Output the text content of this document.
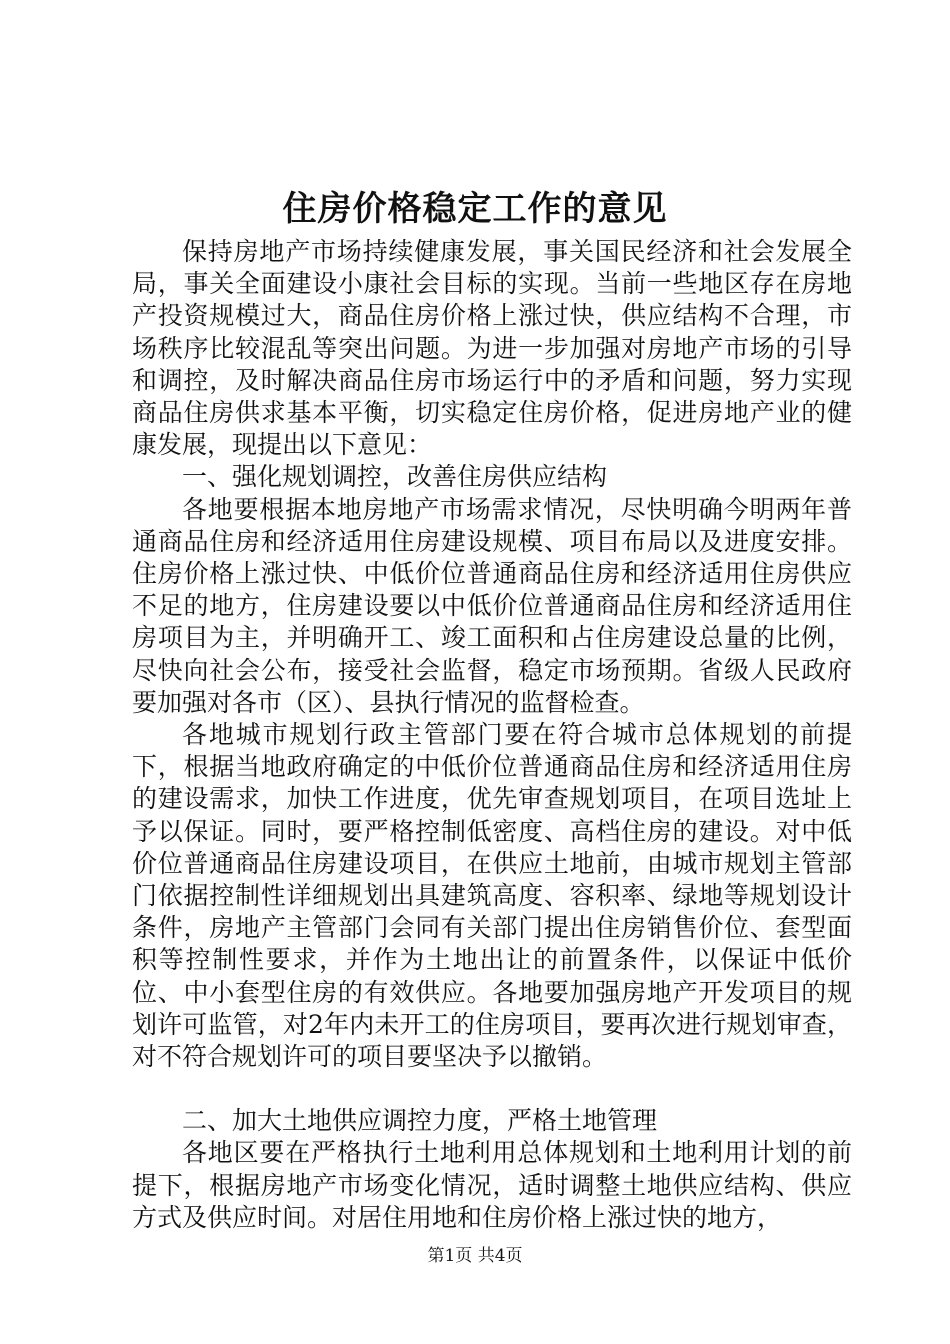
住房价格稳定工作的意见

保持房地产市场持续健康发展，事关国民经济和社会发展全局，事关全面建设小康社会目标的实现。当前一些地区存在房地产投资规模过大，商品住房价格上涨过快，供应结构不合理，市场秩序比较混乱等突出问题。为进一步加强对房地产市场的引导和调控，及时解决商品住房市场运行中的矛盾和问题，努力实现商品住房供求基本平衡，切实稳定住房价格，促进房地产业的健康发展，现提出以下意见：

一、强化规划调控，改善住房供应结构

各地要根据本地房地产市场需求情况，尽快明确今明两年普通商品住房和经济适用住房建设规模、项目布局以及进度安排。住房价格上涨过快、中低价位普通商品住房和经济适用住房供应不足的地方，住房建设要以中低价位普通商品住房和经济适用住房项目为主，并明确开工、竣工面积和占住房建设总量的比例，尽快向社会公布，接受社会监督，稳定市场预期。省级人民政府要加强对各市（区）、县执行情况的监督检查。

各地城市规划行政主管部门要在符合城市总体规划的前提下，根据当地政府确定的中低价位普通商品住房和经济适用住房的建设需求，加快工作进度，优先审查规划项目，在项目选址上予以保证。同时，要严格控制低密度、高档住房的建设。对中低价位普通商品住房建设项目，在供应土地前，由城市规划主管部门依据控制性详细规划出具建筑高度、容积率、绿地等规划设计条件，房地产主管部门会同有关部门提出住房销售价位、套型面积等控制性要求，并作为土地出让的前置条件，以保证中低价位、中小套型住房的有效供应。各地要加强房地产开发项目的规划许可监管，对2年内未开工的住房项目，要再次进行规划审查，对不符合规划许可的项目要坚决予以撤销。

二、加大土地供应调控力度，严格土地管理

各地区要在严格执行土地利用总体规划和土地利用计划的前提下，根据房地产市场变化情况，适时调整土地供应结构、供应方式及供应时间。对居住用地和住房价格上涨过快的地方，

第1页 共4页
